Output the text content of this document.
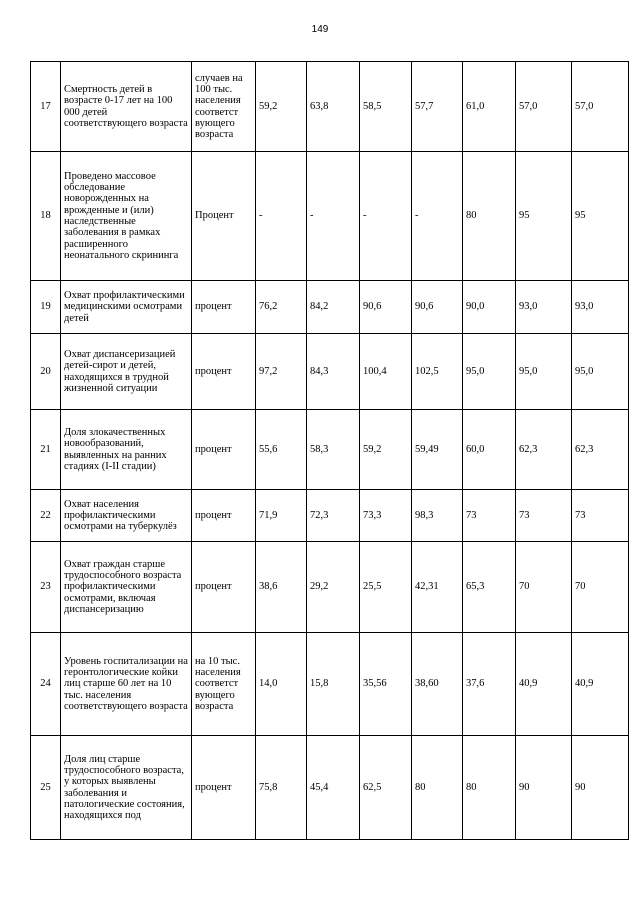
149
17	Смертность детей в возрасте 0-17 лет на 100 000 детей соответствующего возраста	случаев на 100 тыс. населения соответст вующего возраста	59,2	63,8	58,5	57,7	61,0	57,0	57,0
18	Проведено массовое обследование новорожденных на врожденные и (или) наследственные заболевания в рамках расширенного неонатального скрининга	Процент	-	-	-	-	80	95	95
19	Охват профилактическими медицинскими осмотрами детей	процент	76,2	84,2	90,6	90,6	90,0	93,0	93,0
20	Охват диспансеризацией детей-сирот и детей, находящихся в трудной жизненной ситуации	процент	97,2	84,3	100,4	102,5	95,0	95,0	95,0
21	Доля злокачественных новообразований, выявленных на ранних стадиях (I-II стадии)	процент	55,6	58,3	59,2	59,49	60,0	62,3	62,3
22	Охват населения профилактическими осмотрами на туберкулёз	процент	71,9	72,3	73,3	98,3	73	73	73
23	Охват граждан старше трудоспособного возраста профилактическими осмотрами, включая диспансеризацию	процент	38,6	29,2	25,5	42,31	65,3	70	70
24	Уровень госпитализации на геронтологические койки лиц старше 60 лет на 10 тыс. населения соответствующего возраста	на 10 тыс. населения соответст вующего возраста	14,0	15,8	35,56	38,60	37,6	40,9	40,9
25	Доля лиц старше трудоспособного возраста, у которых выявлены заболевания и патологические состояния, находящихся под	процент	75,8	45,4	62,5	80	80	90	90
